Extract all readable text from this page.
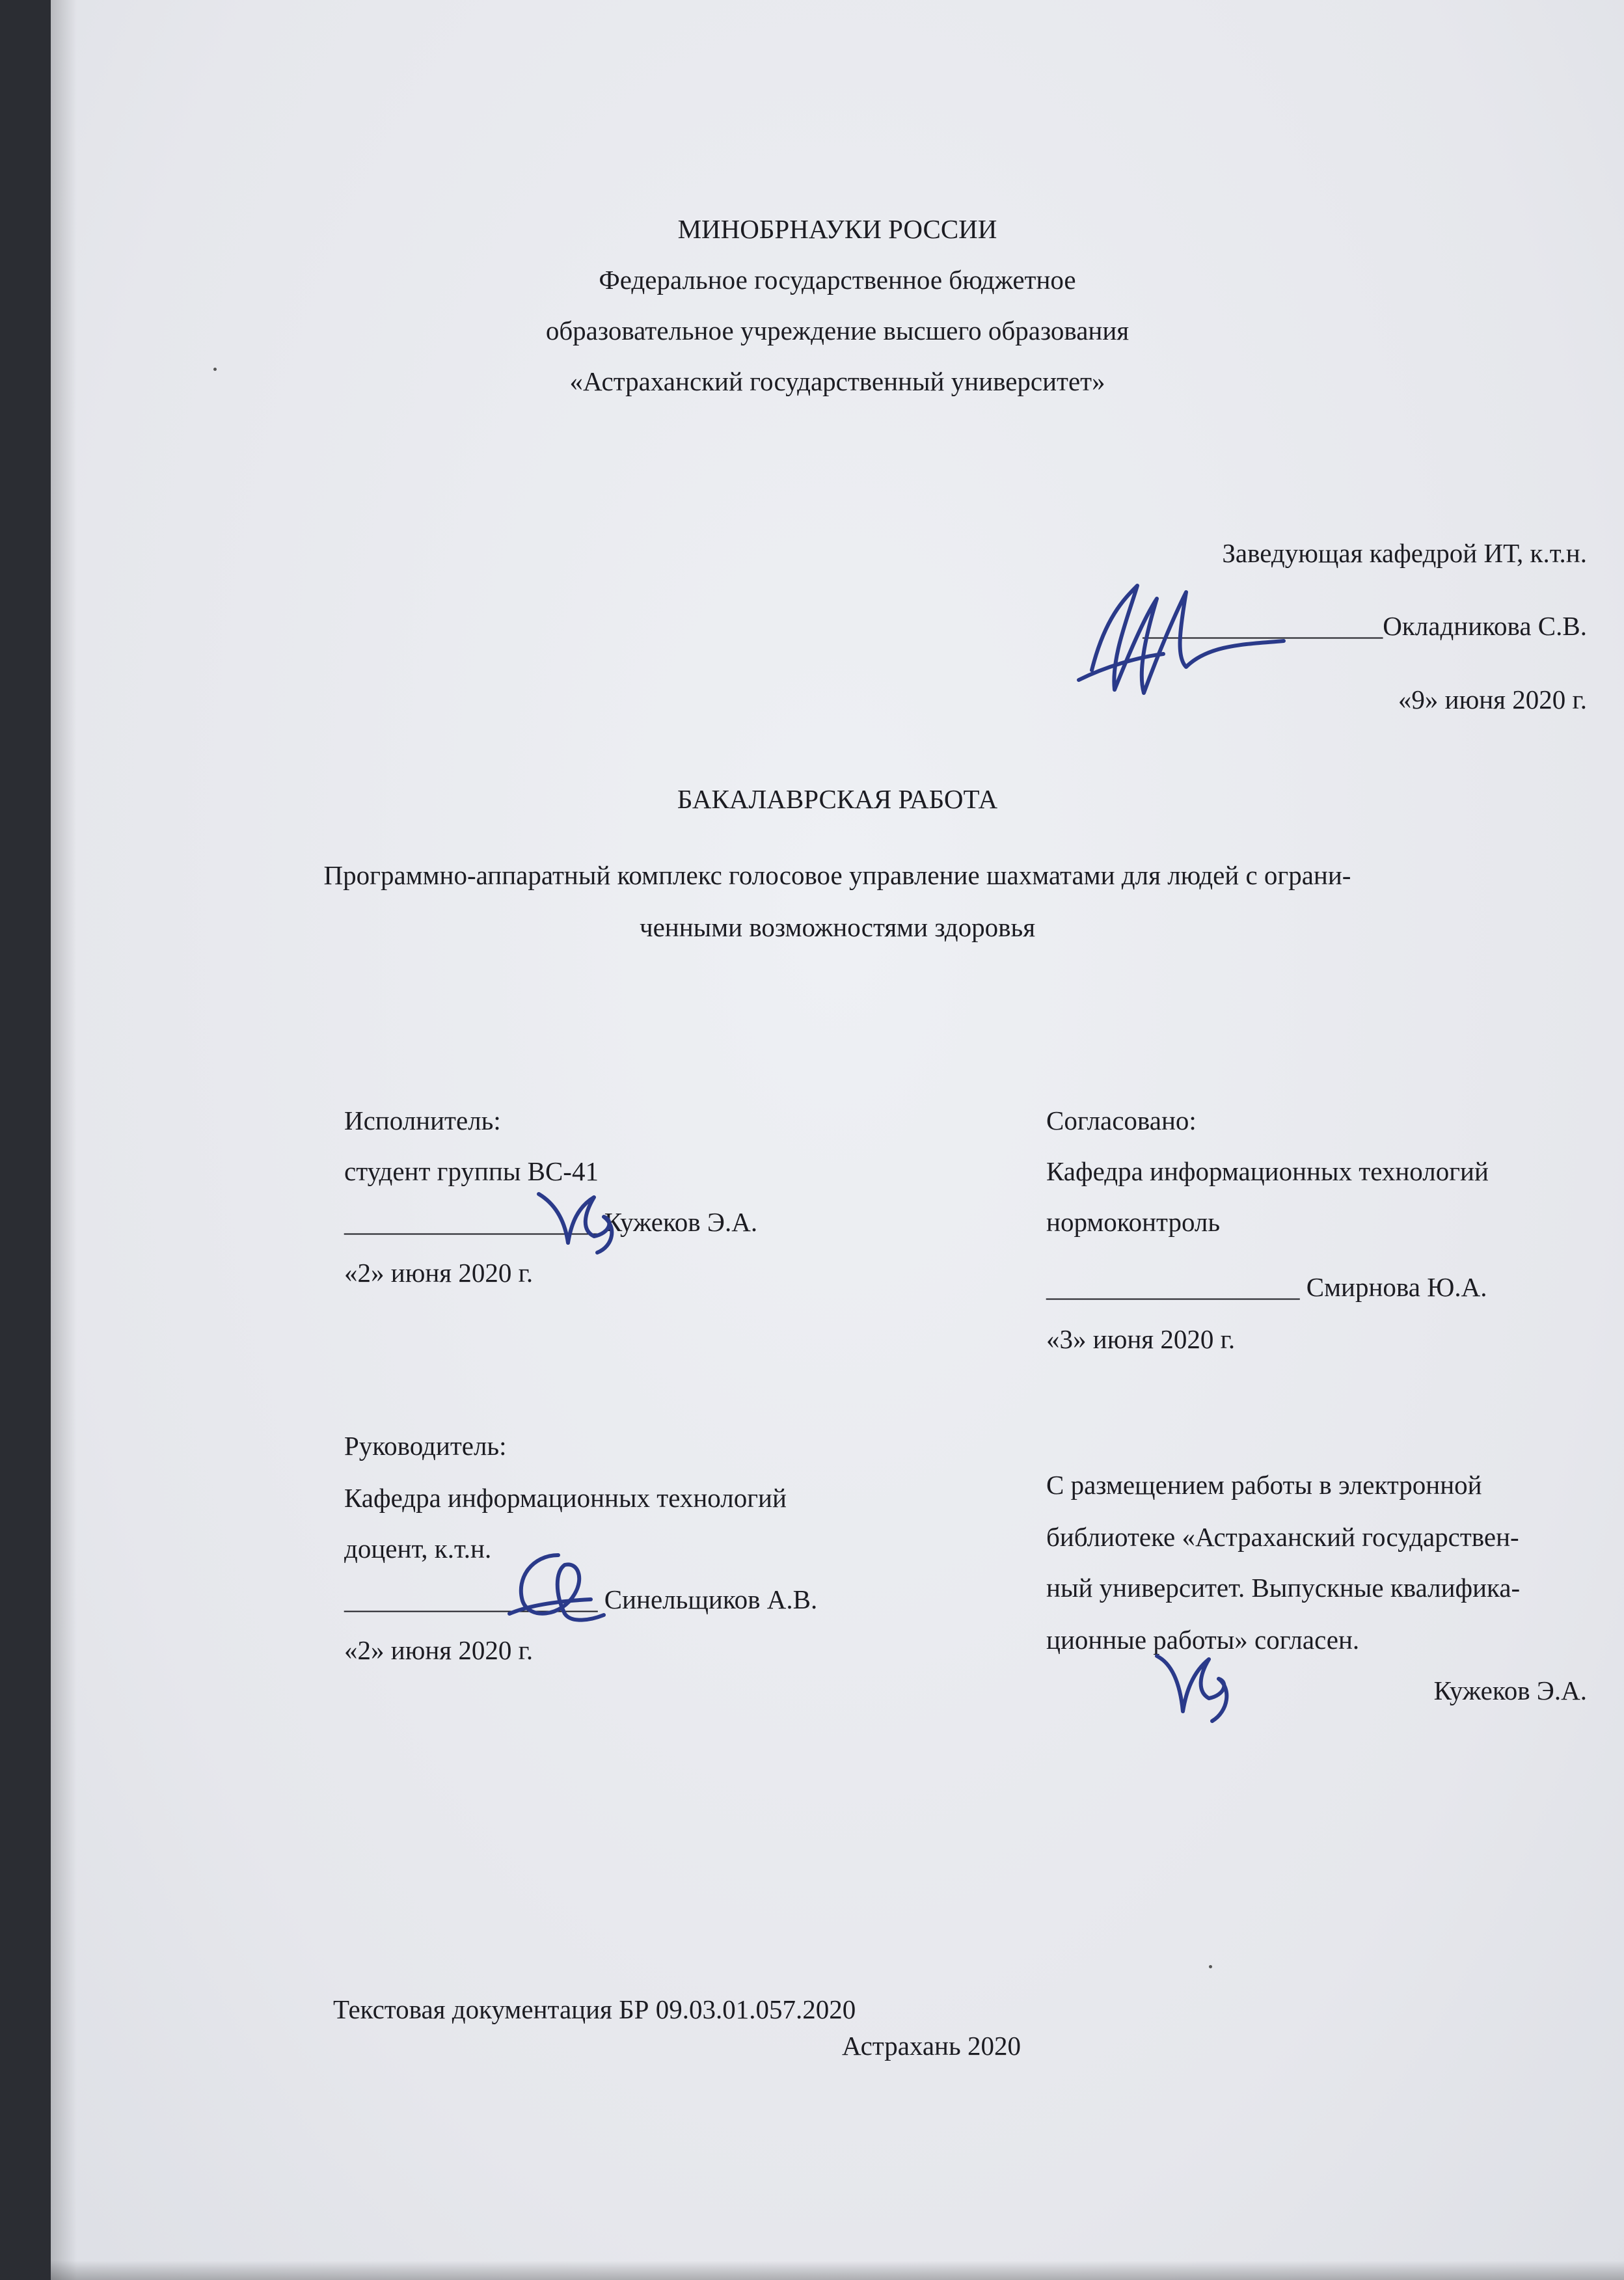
МИНОБРНАУКИ РОССИИ
Федеральное государственное бюджетное
образовательное учреждение высшего образования
«Астраханский государственный университет»
Заведующая кафедрой ИТ, к.т.н.
__________________Окладникова С.В.
«9» июня 2020 г.
БАКАЛАВРСКАЯ РАБОТА
Программно-аппаратный комплекс голосовое управление шахматами для людей с ограни-
ченными возможностями здоровья
Исполнитель:
студент группы ВС-41
___________________ Кужеков Э.А.
«2» июня 2020 г.
Согласовано:
Кафедра информационных технологий
нормоконтроль
___________________ Смирнова Ю.А.
«3» июня 2020 г.
Руководитель:
Кафедра информационных технологий
доцент, к.т.н.
___________________ Синельщиков А.В.
«2» июня 2020 г.
С размещением работы в электронной
библиотеке «Астраханский государствен-
ный университет. Выпускные квалифика-
ционные работы» согласен.
Кужеков Э.А.
Текстовая документация БР 09.03.01.057.2020
Астрахань 2020
